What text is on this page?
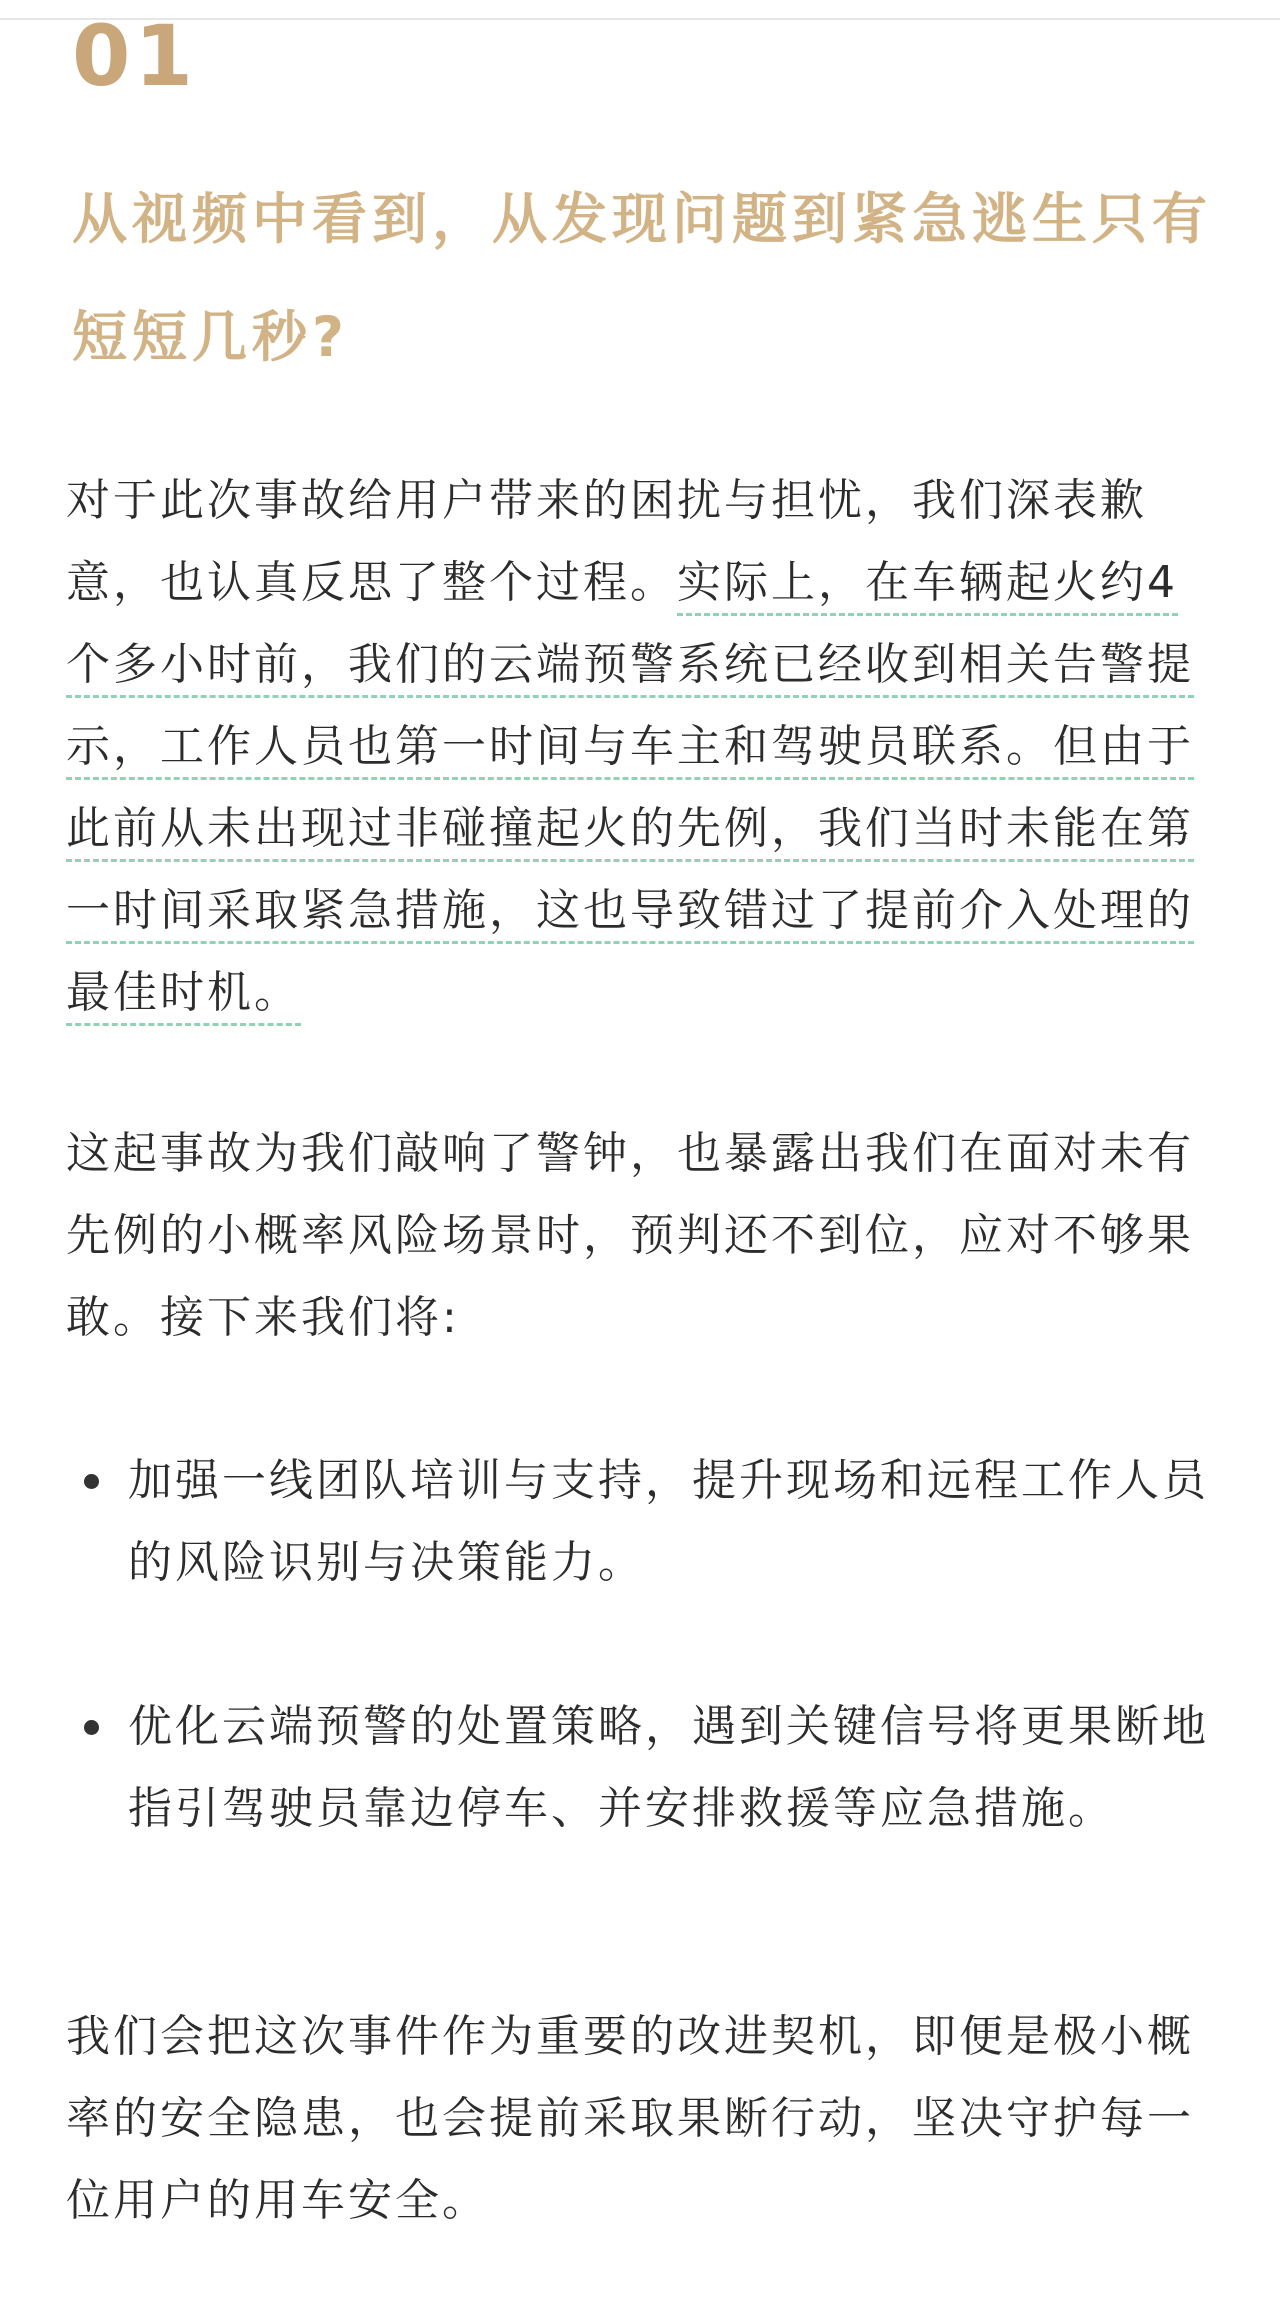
01
从视频中看到，从发现问题到紧急逃生只有短短几秒?

对于此次事故给用户带来的困扰与担忧，我们深表歉意，也认真反思了整个过程。实际上，在车辆起火约4个多小时前，我们的云端预警系统已经收到相关告警提示，工作人员也第一时间与车主和驾驶员联系。但由于此前从未出现过非碰撞起火的先例，我们当时未能在第一时间采取紧急措施，这也导致错过了提前介入处理的最佳时机。

这起事故为我们敲响了警钟，也暴露出我们在面对未有先例的小概率风险场景时，预判还不到位，应对不够果敢。接下来我们将:

加强一线团队培训与支持，提升现场和远程工作人员的风险识别与决策能力。
优化云端预警的处置策略，遇到关键信号将更果断地指引驾驶员靠边停车、并安排救援等应急措施。

我们会把这次事件作为重要的改进契机，即便是极小概率的安全隐患，也会提前采取果断行动，坚决守护每一位用户的用车安全。
